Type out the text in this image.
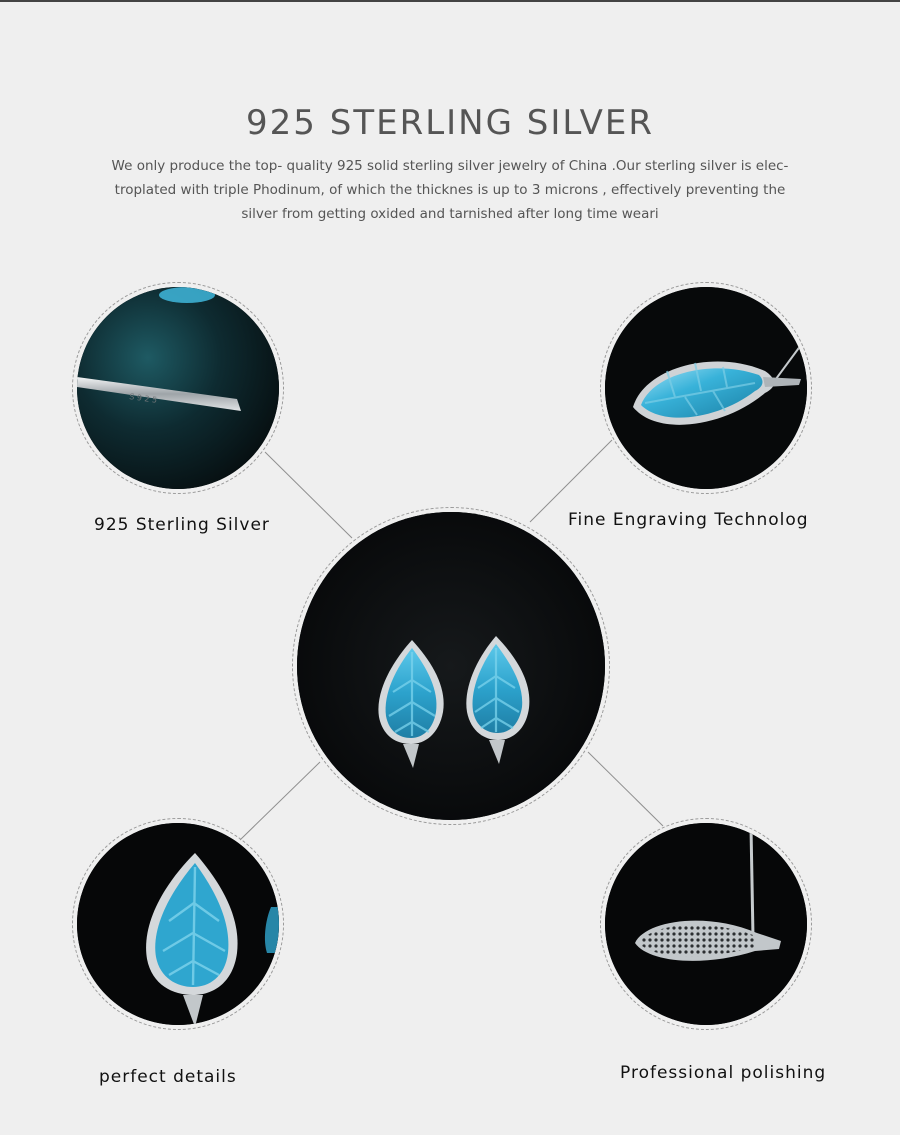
925 STERLING SILVER

We only produce the top- quality 925 solid sterling silver jewelry of China .Our sterling silver is elec-
troplated with triple Phodinum, of which the thicknes is up to 3 microns , effectively preventing the
silver from getting oxided and tarnished after long time weari

S 9 2 5

925 Sterling Silver	Fine Engraving Technolog

perfect details	Professional polishing
